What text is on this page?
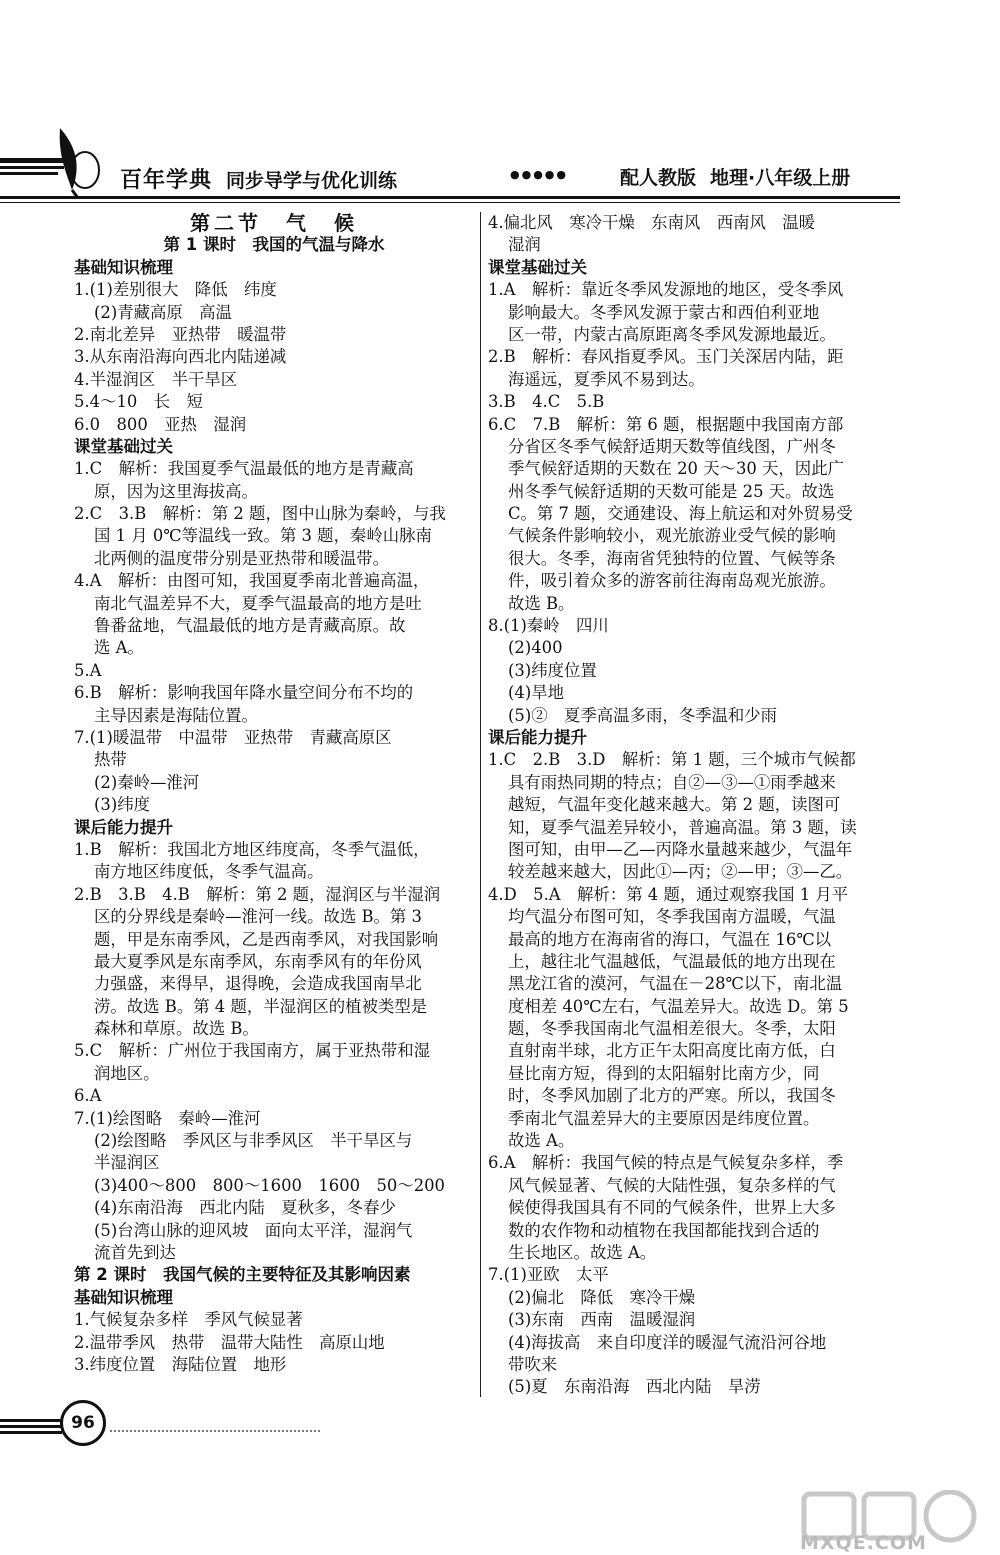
百年学典 同步导学与优化训练	●●●●●	配人教版 地理·八年级上册
第二节　气　候
第 1 课时　我国的气温与降水
基础知识梳理
1.(1)差别很大　降低　纬度
(2)青藏高原　高温
2.南北差异　亚热带　暖温带
3.从东南沿海向西北内陆递减
4.半湿润区　半干旱区
5.4～10　长　短
6.0　800　亚热　湿润
课堂基础过关
1.C　解析：我国夏季气温最低的地方是青藏高
原，因为这里海拔高。
2.C　3.B　解析：第 2 题，图中山脉为秦岭，与我
国 1 月 0℃等温线一致。第 3 题，秦岭山脉南
北两侧的温度带分别是亚热带和暖温带。
4.A　解析：由图可知，我国夏季南北普遍高温，
南北气温差异不大，夏季气温最高的地方是吐
鲁番盆地，气温最低的地方是青藏高原。故
选 A。
5.A
6.B　解析：影响我国年降水量空间分布不均的
主导因素是海陆位置。
7.(1)暖温带　中温带　亚热带　青藏高原区
热带
(2)秦岭—淮河
(3)纬度
课后能力提升
1.B　解析：我国北方地区纬度高，冬季气温低，
南方地区纬度低，冬季气温高。
2.B　3.B　4.B　解析：第 2 题，湿润区与半湿润
区的分界线是秦岭—淮河一线。故选 B。第 3
题，甲是东南季风，乙是西南季风，对我国影响
最大夏季风是东南季风，东南季风有的年份风
力强盛，来得早，退得晚，会造成我国南旱北
涝。故选 B。第 4 题，半湿润区的植被类型是
森林和草原。故选 B。
5.C　解析：广州位于我国南方，属于亚热带和湿
润地区。
6.A
7.(1)绘图略　秦岭—淮河
(2)绘图略　季风区与非季风区　半干旱区与
半湿润区
(3)400～800　800～1600　1600　50～200
(4)东南沿海　西北内陆　夏秋多，冬春少
(5)台湾山脉的迎风坡　面向太平洋，湿润气
流首先到达
第 2 课时　我国气候的主要特征及其影响因素
基础知识梳理
1.气候复杂多样　季风气候显著
2.温带季风　热带　温带大陆性　高原山地
3.纬度位置　海陆位置　地形
4.偏北风　寒冷干燥　东南风　西南风　温暖
湿润
课堂基础过关
1.A　解析：靠近冬季风发源地的地区，受冬季风
影响最大。冬季风发源于蒙古和西伯利亚地
区一带，内蒙古高原距离冬季风发源地最近。
2.B　解析：春风指夏季风。玉门关深居内陆，距
海遥远，夏季风不易到达。
3.B　4.C　5.B
6.C　7.B　解析：第 6 题，根据题中我国南方部
分省区冬季气候舒适期天数等值线图，广州冬
季气候舒适期的天数在 20 天～30 天，因此广
州冬季气候舒适期的天数可能是 25 天。故选
C。第 7 题，交通建设、海上航运和对外贸易受
气候条件影响较小，观光旅游业受气候的影响
很大。冬季，海南省凭独特的位置、气候等条
件，吸引着众多的游客前往海南岛观光旅游。
故选 B。
8.(1)秦岭　四川
(2)400
(3)纬度位置
(4)旱地
(5)②　夏季高温多雨，冬季温和少雨
课后能力提升
1.C　2.B　3.D　解析：第 1 题，三个城市气候都
具有雨热同期的特点；自②—③—①雨季越来
越短，气温年变化越来越大。第 2 题，读图可
知，夏季气温差异较小，普遍高温。第 3 题，读
图可知，由甲—乙—丙降水量越来越少，气温年
较差越来越大，因此①—丙；②—甲；③—乙。
4.D　5.A　解析：第 4 题，通过观察我国 1 月平
均气温分布图可知，冬季我国南方温暖，气温
最高的地方在海南省的海口，气温在 16℃以
上，越往北气温越低，气温最低的地方出现在
黑龙江省的漠河，气温在－28℃以下，南北温
度相差 40℃左右，气温差异大。故选 D。第 5
题，冬季我国南北气温相差很大。冬季，太阳
直射南半球，北方正午太阳高度比南方低，白
昼比南方短，得到的太阳辐射比南方少，同
时，冬季风加剧了北方的严寒。所以，我国冬
季南北气温差异大的主要原因是纬度位置。
故选 A。
6.A　解析：我国气候的特点是气候复杂多样，季
风气候显著、气候的大陆性强，复杂多样的气
候使得我国具有不同的气候条件，世界上大多
数的农作物和动植物在我国都能找到合适的
生长地区。故选 A。
7.(1)亚欧　太平
(2)偏北　降低　寒冷干燥
(3)东南　西南　温暖湿润
(4)海拔高　来自印度洋的暖湿气流沿河谷地
带吹来
(5)夏　东南沿海　西北内陆　旱涝
96
MXQE.COM
